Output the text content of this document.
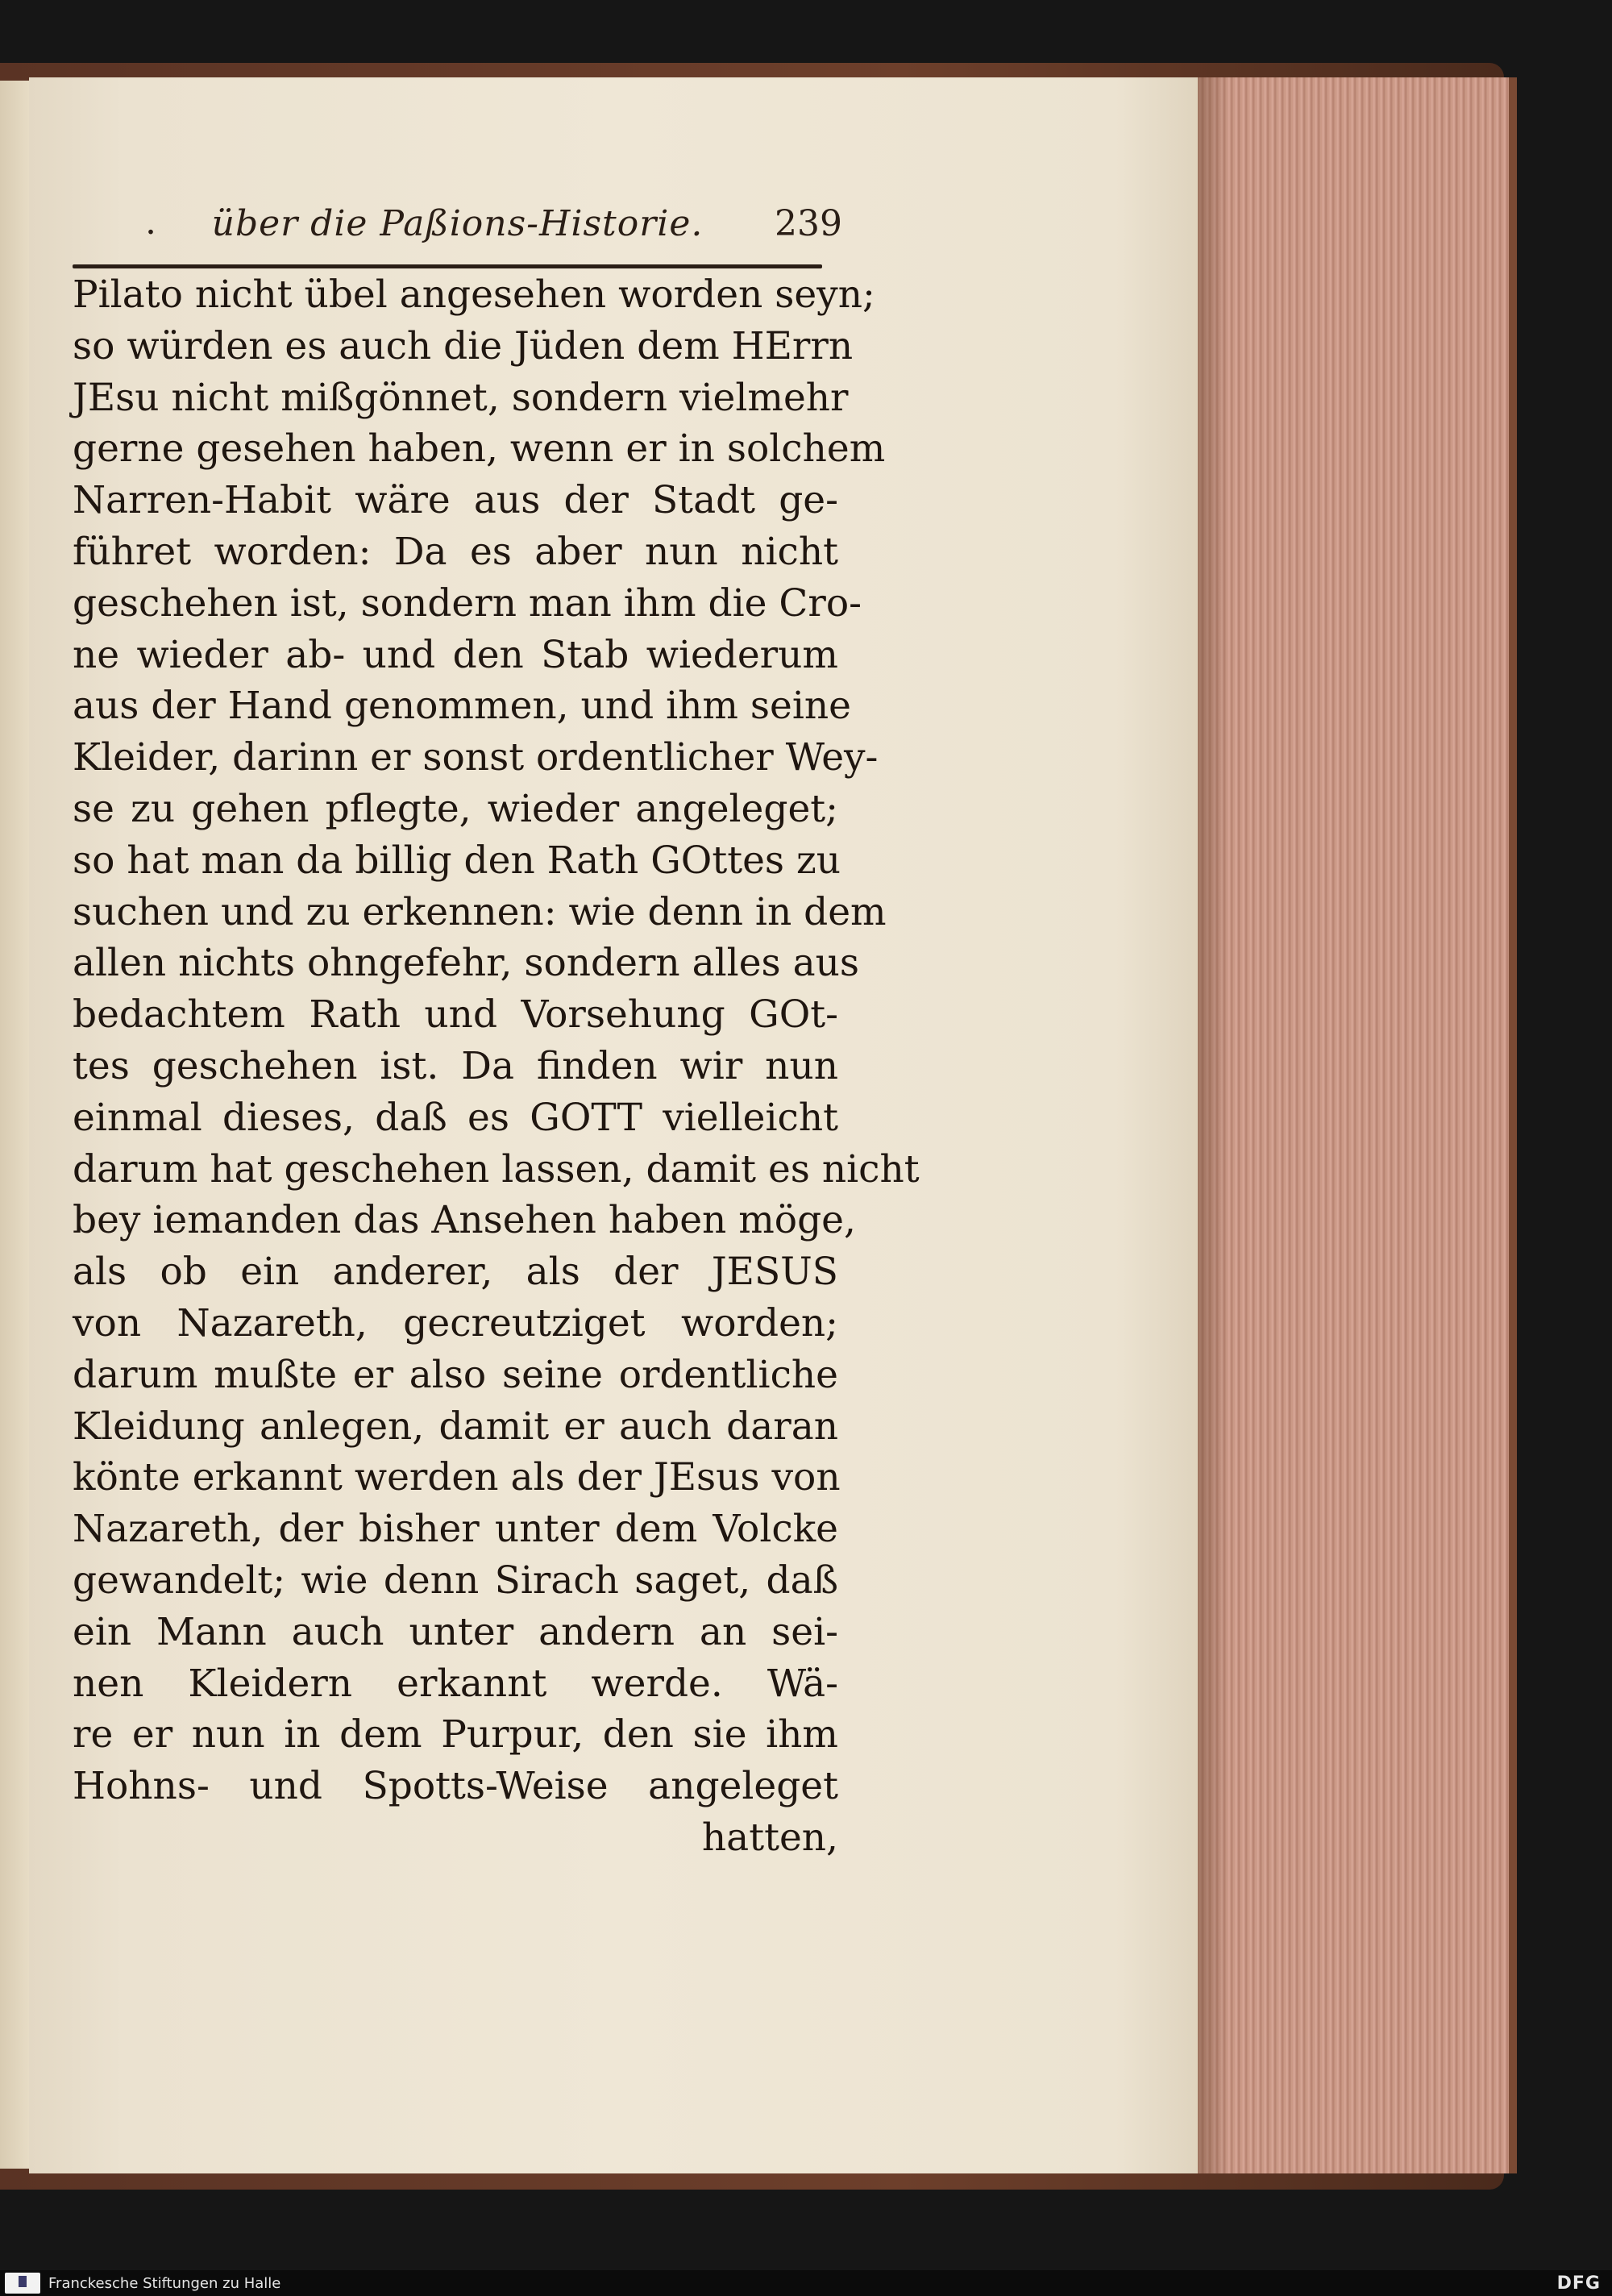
.	über die Paßions-Historie.	239
Pilato nicht übel angesehen worden seyn;
so würden es auch die Jüden dem HErrn
JEsu nicht mißgönnet, sondern vielmehr
gerne gesehen haben, wenn er in solchem
Narren-Habit wäre aus der Stadt ge-
führet worden: Da es aber nun nicht
geschehen ist, sondern man ihm die Cro-
ne wieder ab- und den Stab wiederum
aus der Hand genommen, und ihm seine
Kleider, darinn er sonst ordentlicher Wey-
se zu gehen pflegte, wieder angeleget;
so hat man da billig den Rath GOttes zu
suchen und zu erkennen: wie denn in dem
allen nichts ohngefehr, sondern alles aus
bedachtem Rath und Vorsehung GOt-
tes geschehen ist. Da finden wir nun
einmal dieses, daß es GOTT vielleicht
darum hat geschehen lassen, damit es nicht
bey iemanden das Ansehen haben möge,
als ob ein anderer, als der JESUS
von Nazareth, gecreutziget worden;
darum mußte er also seine ordentliche
Kleidung anlegen, damit er auch daran
könte erkannt werden als der JEsus von
Nazareth, der bisher unter dem Volcke
gewandelt; wie denn Sirach saget, daß
ein Mann auch unter andern an sei-
nen Kleidern erkannt werde. Wä-
re er nun in dem Purpur, den sie ihm
Hohns- und Spotts-Weise angeleget
hatten,
Franckesche Stiftungen zu Halle	DFG
